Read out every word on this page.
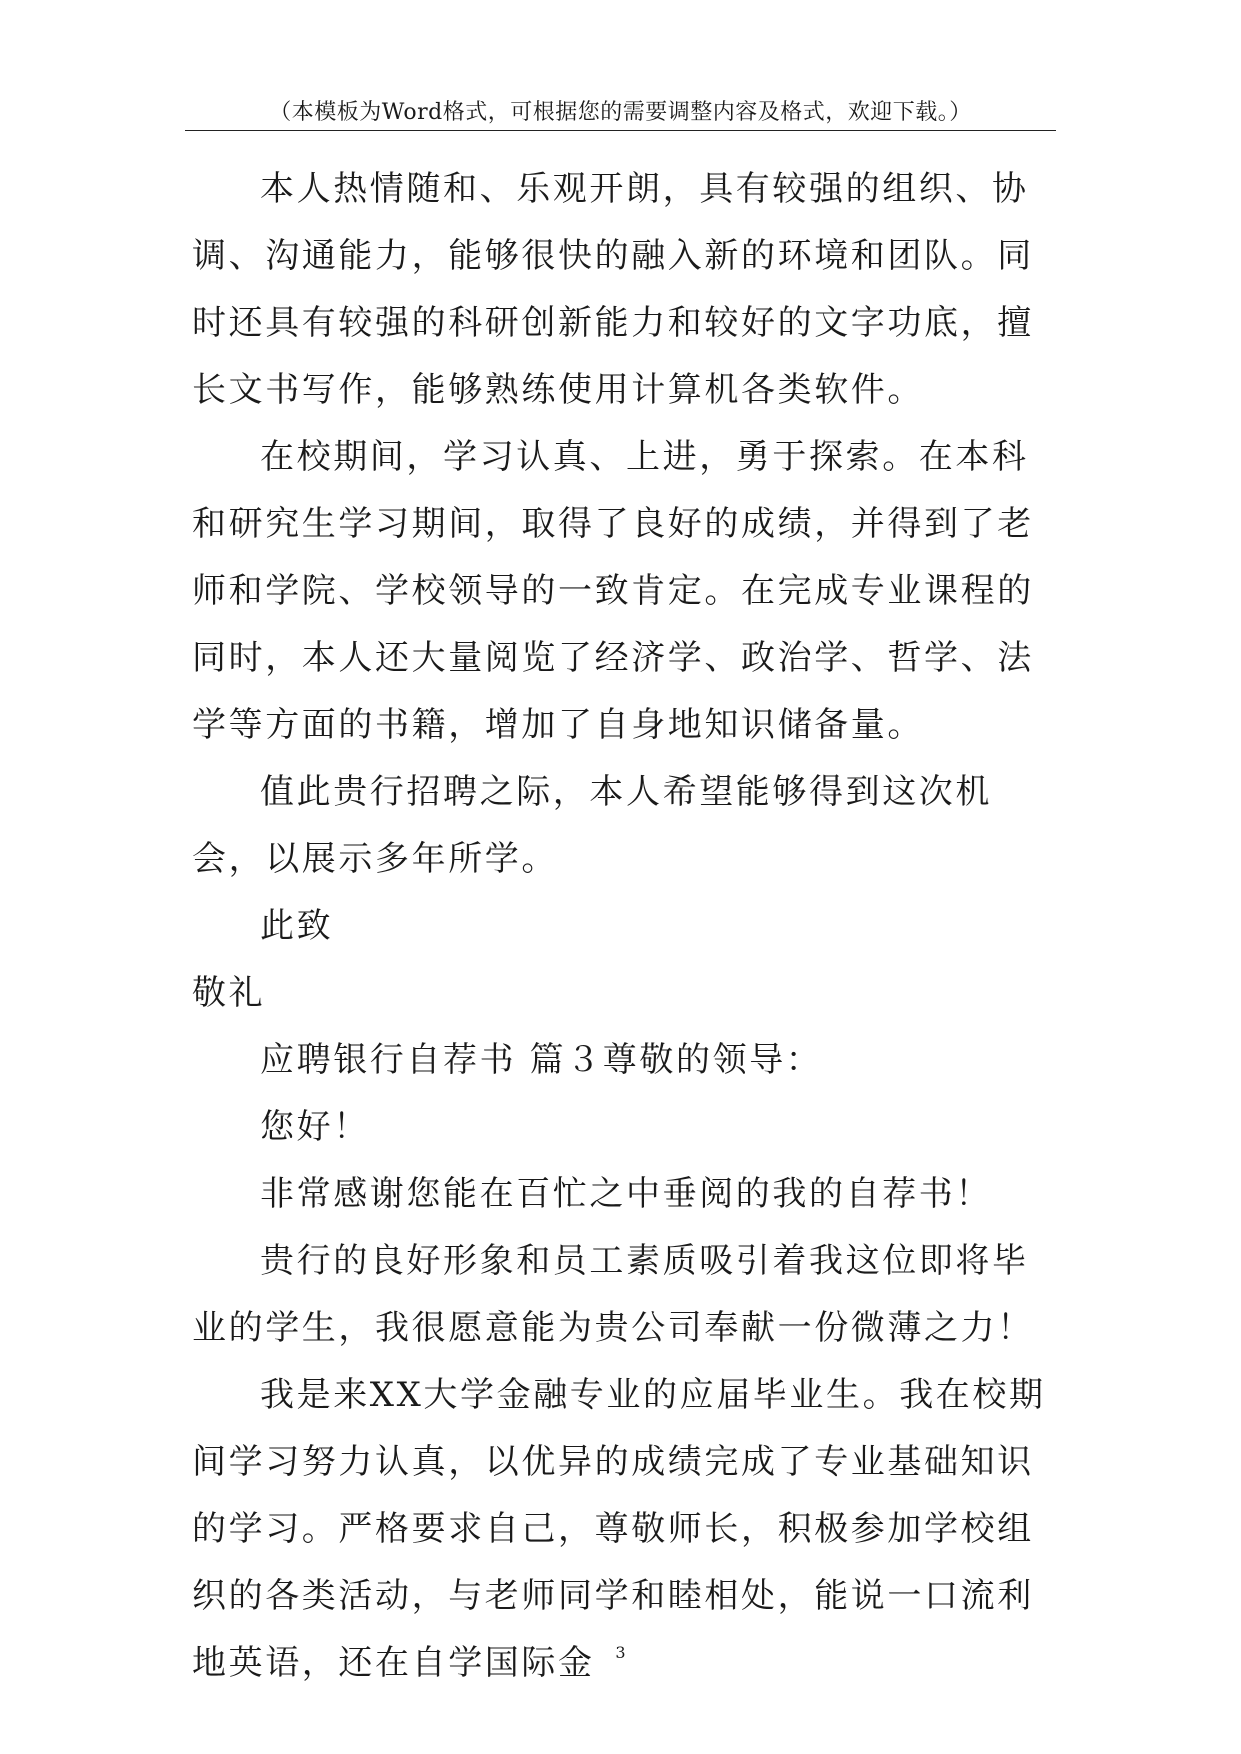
（本模板为Word格式，可根据您的需要调整内容及格式，欢迎下载。）

本人热情随和、乐观开朗，具有较强的组织、协调、沟通能力，能够很快的融入新的环境和团队。同时还具有较强的科研创新能力和较好的文字功底，擅长文书写作，能够熟练使用计算机各类软件。

在校期间，学习认真、上进，勇于探索。在本科和研究生学习期间，取得了良好的成绩，并得到了老师和学院、学校领导的一致肯定。在完成专业课程的同时，本人还大量阅览了经济学、政治学、哲学、法学等方面的书籍，增加了自身地知识储备量。

值此贵行招聘之际，本人希望能够得到这次机会，以展示多年所学。

此致

敬礼

应聘银行自荐书 篇３尊敬的领导：

您好！

非常感谢您能在百忙之中垂阅的我的自荐书！

贵行的良好形象和员工素质吸引着我这位即将毕业的学生，我很愿意能为贵公司奉献一份微薄之力！

我是来XX大学金融专业的应届毕业生。我在校期间学习努力认真，以优异的成绩完成了专业基础知识的学习。严格要求自己，尊敬师长，积极参加学校组织的各类活动，与老师同学和睦相处，能说一口流利地英语，还在自学国际金	3
